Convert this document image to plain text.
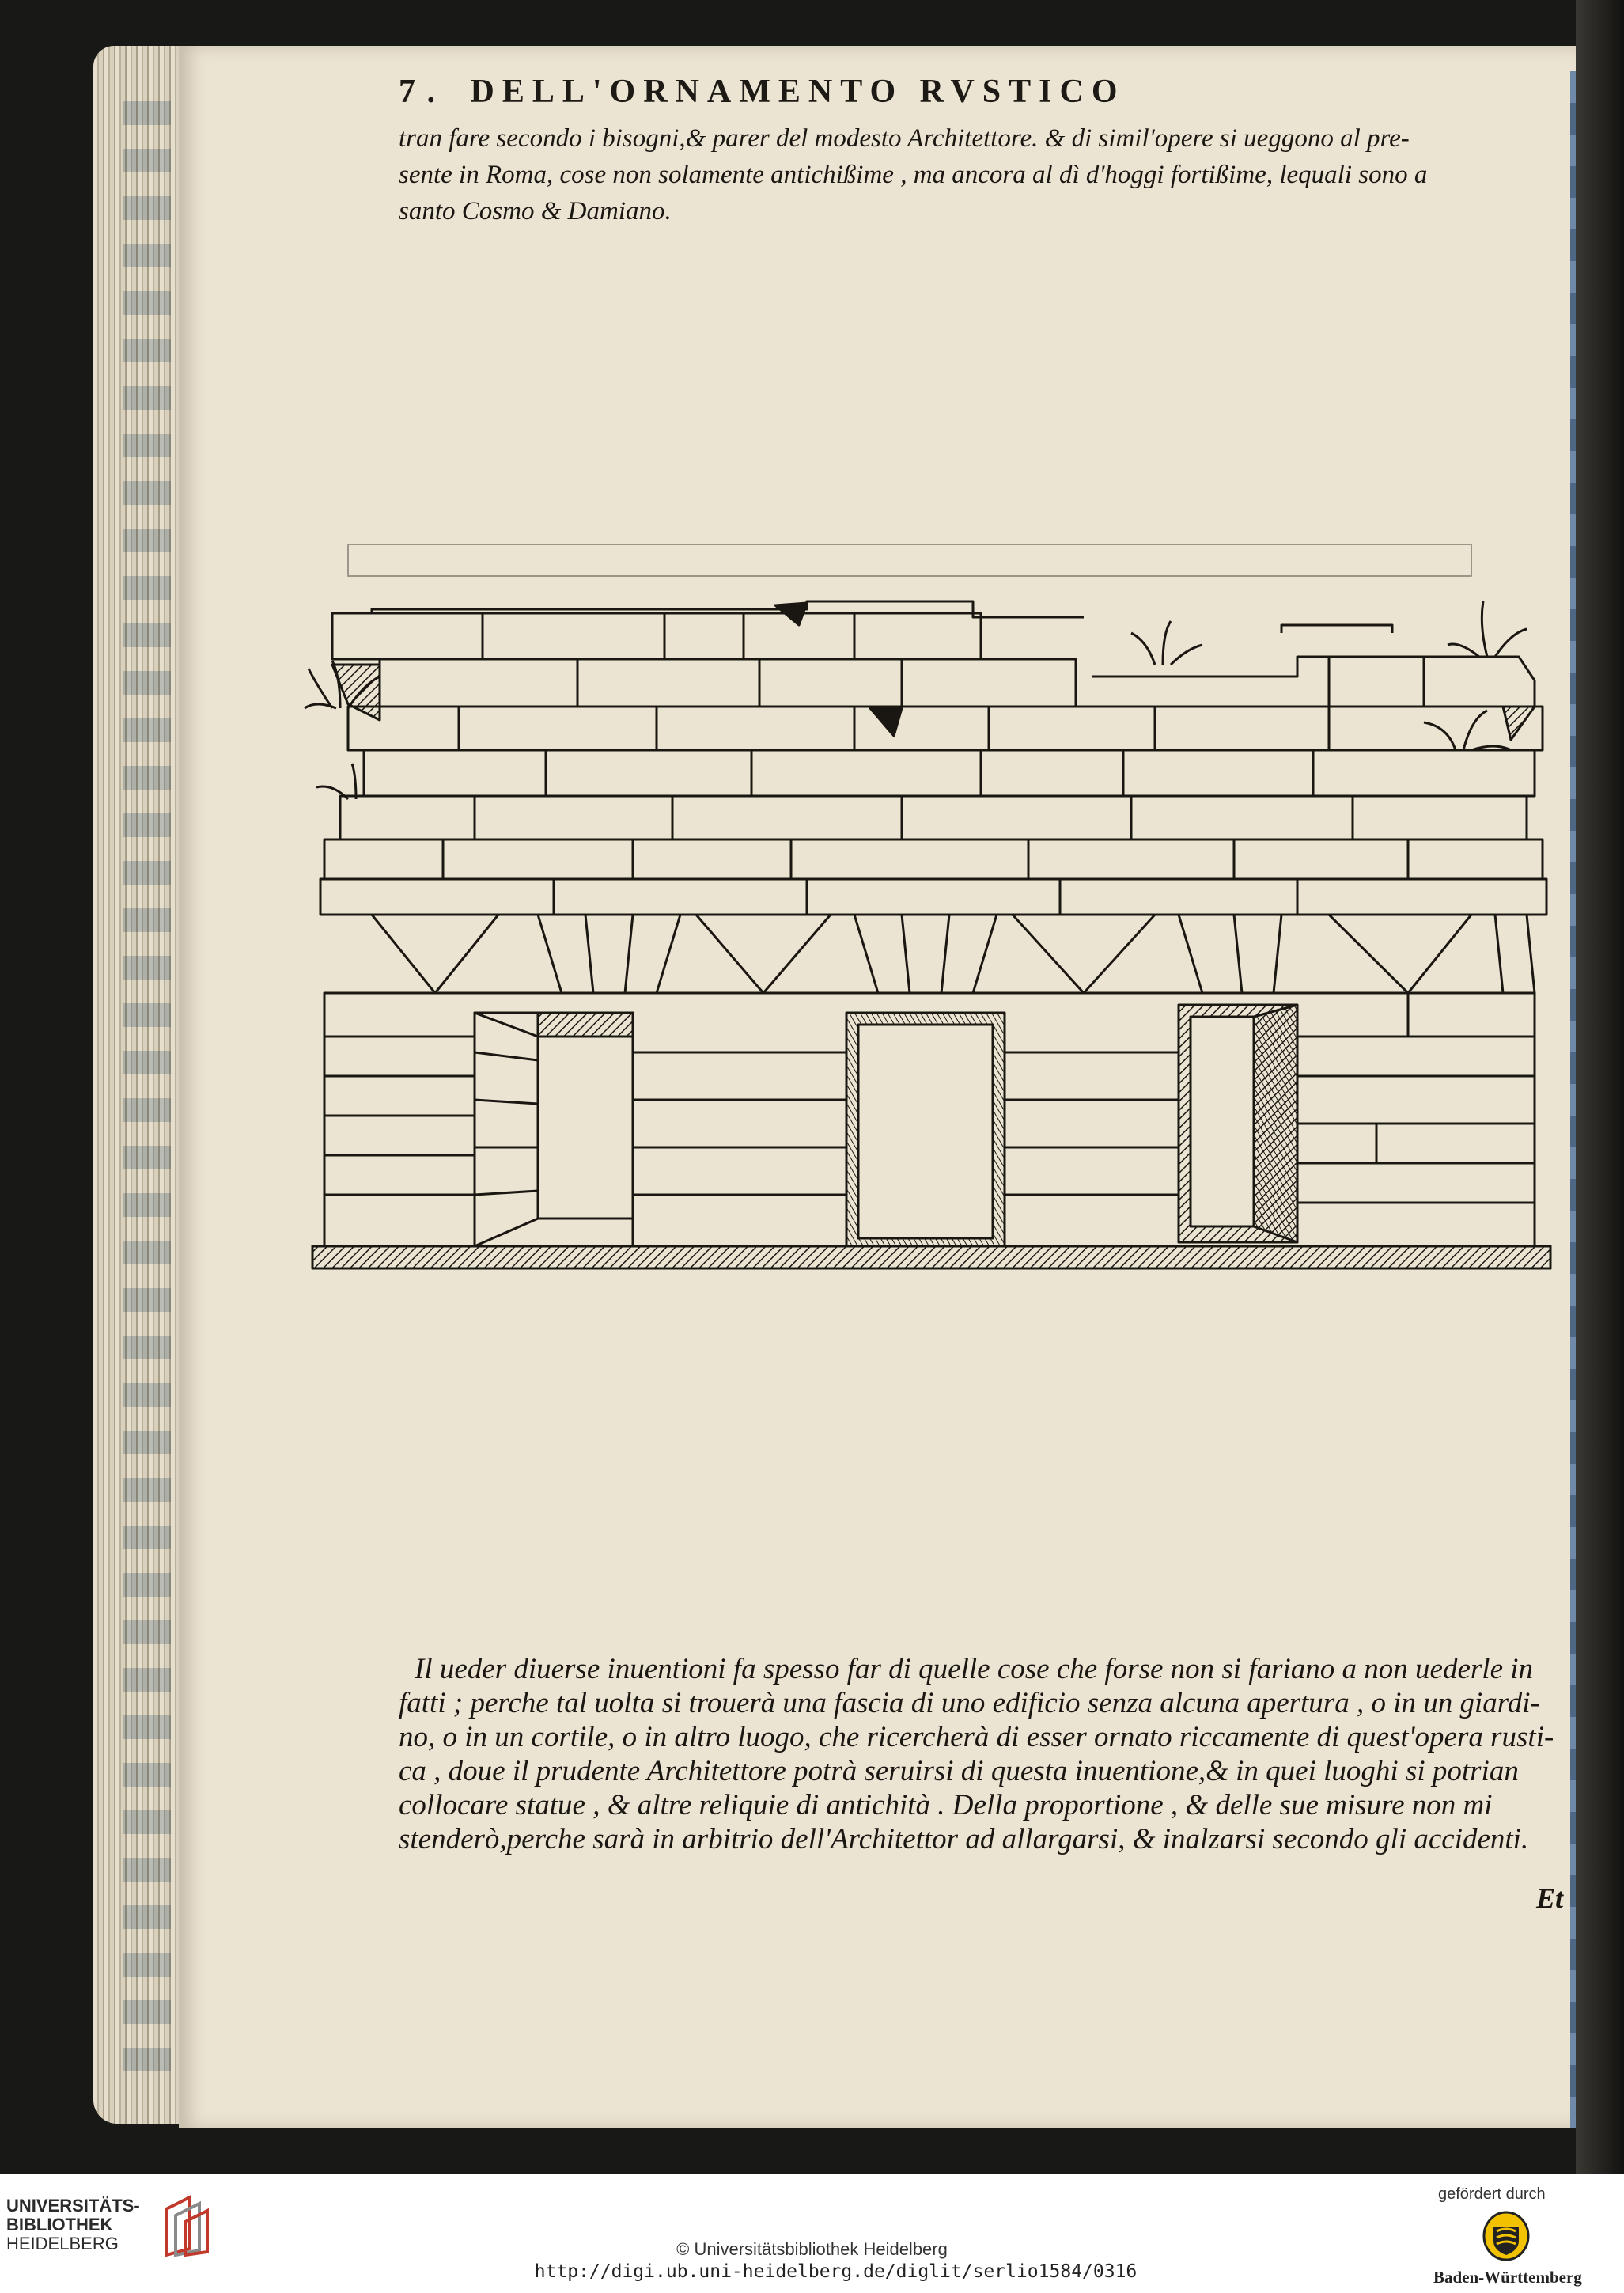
7 . DELL'ORNAMENTO RVSTICO
tran fare secondo i bisogni,& parer del modesto Architettore. & di simil'opere si ueggono al pre-
sente in Roma, cose non solamente antichißime , ma ancora al dì d'hoggi fortißime, lequali sono a
santo Cosmo & Damiano.
Il ueder diuerse inuentioni fa spesso far di quelle cose che forse non si fariano a non uederle in
fatti ; perche tal uolta si trouerà una fascia di uno edificio senza alcuna apertura , o in un giardi-
no, o in un cortile, o in altro luogo, che ricercherà di esser ornato riccamente di quest'opera rusti-
ca , doue il prudente Architettore potrà seruirsi di questa inuentione,& in quei luoghi si potrian
collocare statue , & altre reliquie di antichità . Della proportione , & delle sue misure non mi
stenderò,perche sarà in arbitrio dell'Architettor ad allargarsi, & inalzarsi secondo gli accidenti.
Et
UNIVERSITÄTS-
BIBLIOTHEK
HEIDELBERG	© Universitätsbibliothek Heidelberg
http://digi.ub.uni-heidelberg.de/diglit/serlio1584/0316
gefördert durch
Baden-Württemberg
